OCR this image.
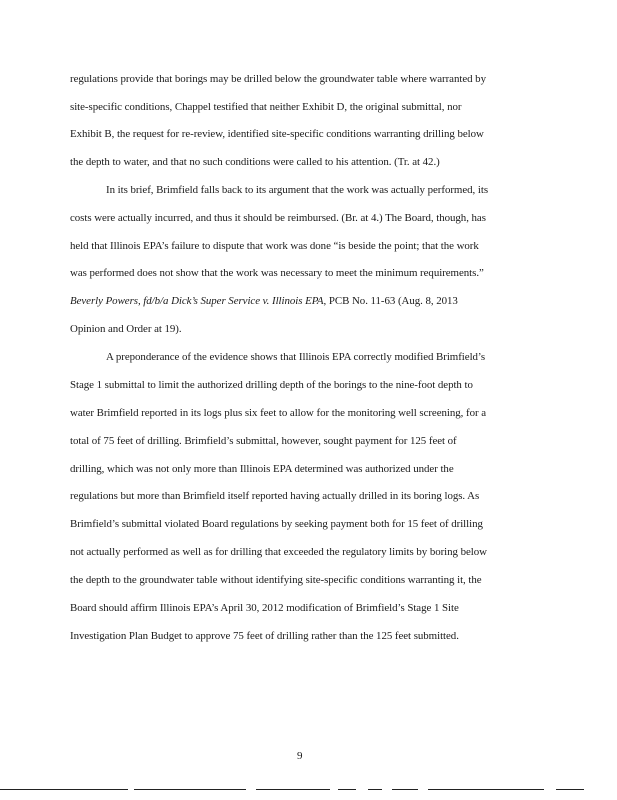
regulations provide that borings may be drilled below the groundwater table where warranted by
site-specific conditions, Chappel testified that neither Exhibit D, the original submittal, nor
Exhibit B, the request for re-review, identified site-specific conditions warranting drilling below
the depth to water, and that no such conditions were called to his attention. (Tr. at 42.)
In its brief, Brimfield falls back to its argument that the work was actually performed, its
costs were actually incurred, and thus it should be reimbursed. (Br. at 4.) The Board, though, has
held that Illinois EPA’s failure to dispute that work was done “is beside the point; that the work
was performed does not show that the work was necessary to meet the minimum requirements.”
Beverly Powers, fd/b/a Dick’s Super Service v. Illinois EPA, PCB No. 11-63 (Aug. 8, 2013
Opinion and Order at 19).
A preponderance of the evidence shows that Illinois EPA correctly modified Brimfield’s
Stage 1 submittal to limit the authorized drilling depth of the borings to the nine-foot depth to
water Brimfield reported in its logs plus six feet to allow for the monitoring well screening, for a
total of 75 feet of drilling. Brimfield’s submittal, however, sought payment for 125 feet of
drilling, which was not only more than Illinois EPA determined was authorized under the
regulations but more than Brimfield itself reported having actually drilled in its boring logs. As
Brimfield’s submittal violated Board regulations by seeking payment both for 15 feet of drilling
not actually performed as well as for drilling that exceeded the regulatory limits by boring below
the depth to the groundwater table without identifying site-specific conditions warranting it, the
Board should affirm Illinois EPA’s April 30, 2012 modification of Brimfield’s Stage 1 Site
Investigation Plan Budget to approve 75 feet of drilling rather than the 125 feet submitted.
9
